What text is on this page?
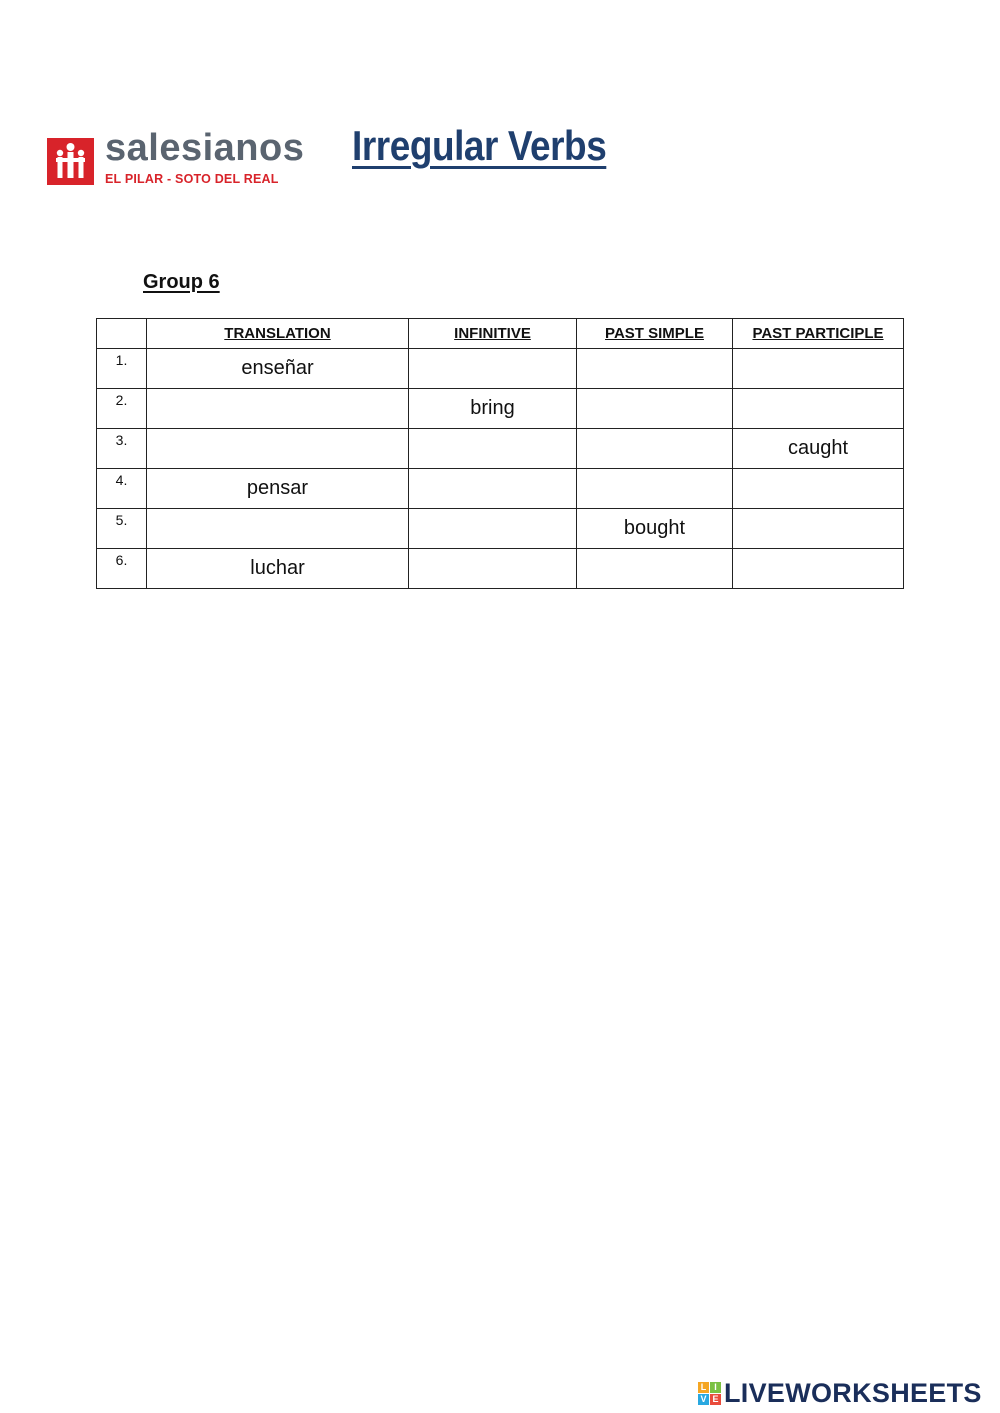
salesianos
EL PILAR - SOTO DEL REAL
Irregular Verbs
Group 6
	TRANSLATION	INFINITIVE	PAST SIMPLE	PAST PARTICIPLE
1.	enseñar			
2.		bring		
3.				caught
4.	pensar			
5.			bought	
6.	luchar			
L I
V E LIVEWORKSHEETS
